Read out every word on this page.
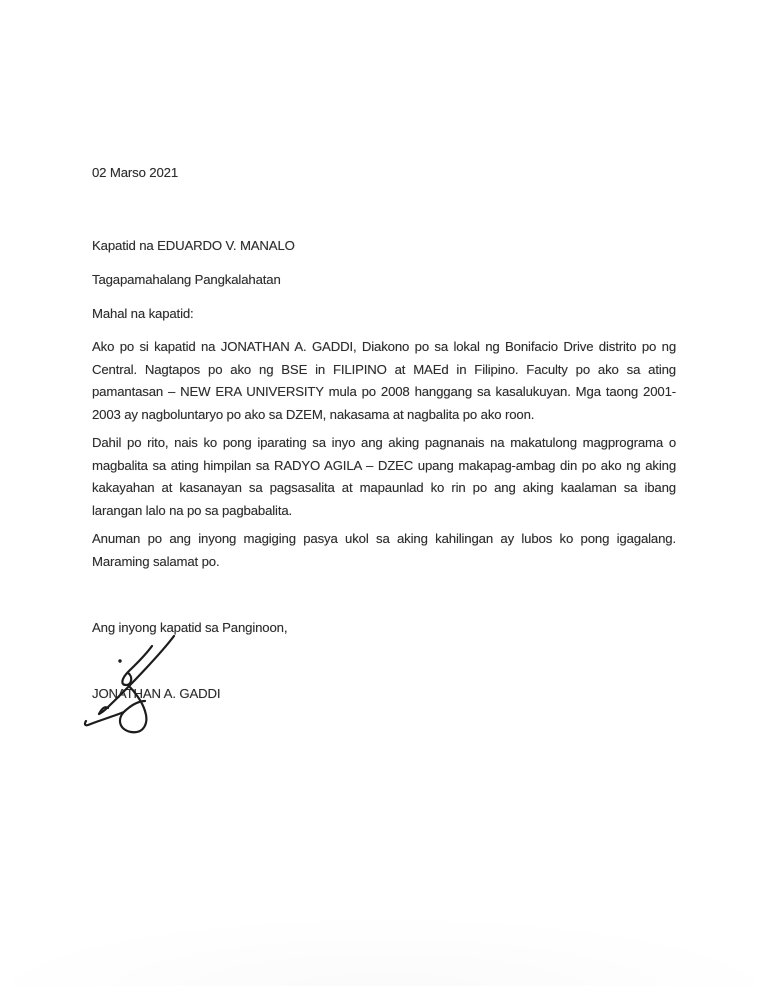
02 Marso 2021
Kapatid na EDUARDO V. MANALO
Tagapamahalang Pangkalahatan
Mahal na kapatid:
Ako po si kapatid na JONATHAN A. GADDI, Diakono po sa lokal ng Bonifacio Drive distrito po ng
Central. Nagtapos po ako ng BSE in FILIPINO at MAEd in Filipino. Faculty po ako sa ating
pamantasan – NEW ERA UNIVERSITY mula po 2008 hanggang sa kasalukuyan. Mga taong 2001-
2003 ay nagboluntaryo po ako sa DZEM, nakasama at nagbalita po ako roon.
Dahil po rito, nais ko pong iparating sa inyo ang aking pagnanais na makatulong magprograma o
magbalita sa ating himpilan sa RADYO AGILA – DZEC upang makapag-ambag din po ako ng aking
kakayahan at kasanayan sa pagsasalita at mapaunlad ko rin po ang aking kaalaman sa ibang
larangan lalo na po sa pagbabalita.
Anuman po ang inyong magiging pasya ukol sa aking kahilingan ay lubos ko pong igagalang.
Maraming salamat po.
Ang inyong kapatid sa Panginoon,
JONATHAN A. GADDI
